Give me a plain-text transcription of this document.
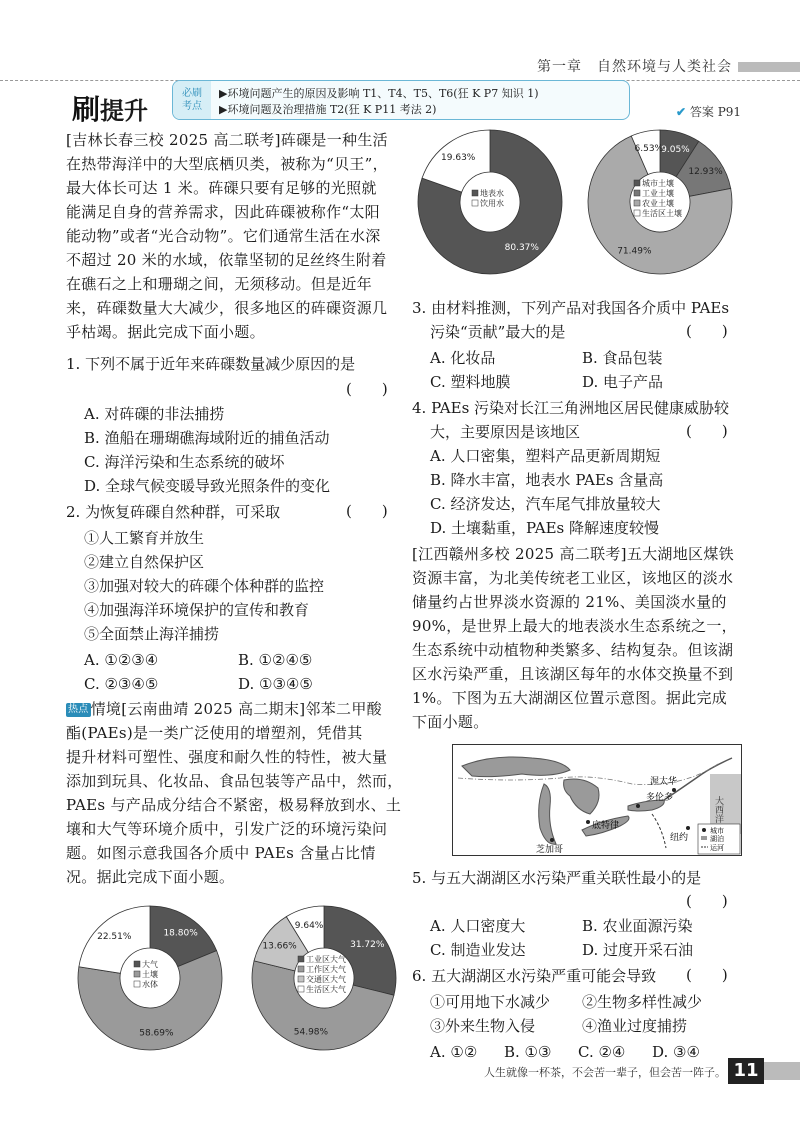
第一章　自然环境与人类社会
刷提升
必刷
考点
▶环境问题产生的原因及影响 T1、T4、T5、T6(狂 K P7 知识 1)
▶环境问题及治理措施 T2(狂 K P11 考法 2)	✔ 答案 P91
[吉林长春三校 2025 高二联考]砗磲是一种生活
在热带海洋中的大型底栖贝类，被称为“贝王”，
最大体长可达 1 米。砗磲只要有足够的光照就
能满足自身的营养需求，因此砗磲被称作“太阳
能动物”或者“光合动物”。它们通常生活在水深
不超过 20 米的水域，依靠坚韧的足丝终生附着
在礁石之上和珊瑚之间，无须移动。但是近年
来，砗磲数量大大减少，很多地区的砗磲资源几
乎枯竭。据此完成下面小题。
1. 下列不属于近年来砗磲数量减少原因的是
(　　)
A. 对砗磲的非法捕捞
B. 渔船在珊瑚礁海域附近的捕鱼活动
C. 海洋污染和生态系统的破坏
D. 全球气候变暖导致光照条件的变化
2. 为恢复砗磲自然种群，可采取	(　　)
①人工繁育并放生
②建立自然保护区
③加强对较大的砗磲个体种群的监控
④加强海洋环境保护的宣传和教育
⑤全面禁止海洋捕捞
A. ①②③④	B. ①②④⑤
C. ②③④⑤	D. ①③④⑤
热点 情境[云南曲靖 2025 高二期末]邻苯二甲酸
酯(PAEs)是一类广泛使用的增塑剂，凭借其
提升材料可塑性、强度和耐久性的特性，被大量
添加到玩具、化妆品、食品包装等产品中，然而，
PAEs 与产品成分结合不紧密，极易释放到水、土
壤和大气等环境介质中，引发广泛的环境污染问
题。如图示意我国各介质中 PAEs 含量占比情
况。据此完成下面小题。
18.80%
58.69%
22.51%
大气
土壤
水体
31.72%
54.98%
13.66%
9.64%
工业区大气
工作区大气
交通区大气
生活区大气
80.37%
19.63%
地表水
饮用水
9.05%
12.93%
71.49%
6.53%
城市土壤
工业土壤
农业土壤
生活区土壤
3. 由材料推测，下列产品对我国各介质中 PAEs
污染“贡献”最大的是	(　　)
A. 化妆品	B. 食品包装
C. 塑料地膜	D. 电子产品
4. PAEs 污染对长江三角洲地区居民健康威胁较
大，主要原因是该地区	(　　)
A. 人口密集，塑料产品更新周期短
B. 降水丰富，地表水 PAEs 含量高
C. 经济发达，汽车尾气排放量较大
D. 土壤黏重，PAEs 降解速度较慢
[江西赣州多校 2025 高二联考]五大湖地区煤铁
资源丰富，为北美传统老工业区，该地区的淡水
储量约占世界淡水资源的 21%、美国淡水量的
90%，是世界上最大的地表淡水生态系统之一，
生态系统中动植物种类繁多、结构复杂。但该湖
区水污染严重，且该湖区每年的水体交换量不到
1%。下图为五大湖湖区位置示意图。据此完成
下面小题。
大西洋
渥太华
多伦多
底特律
纽约
芝加哥
城市
湖泊
运河
5. 与五大湖湖区水污染严重关联性最小的是
(　　)
A. 人口密度大	B. 农业面源污染
C. 制造业发达	D. 过度开采石油
6. 五大湖湖区水污染严重可能会导致 (　　)
①可用地下水减少 ②生物多样性减少
③外来生物入侵	④渔业过度捕捞
A. ①② B. ①③ C. ②④ D. ③④
人生就像一杯茶，不会苦一辈子，但会苦一阵子。 11
